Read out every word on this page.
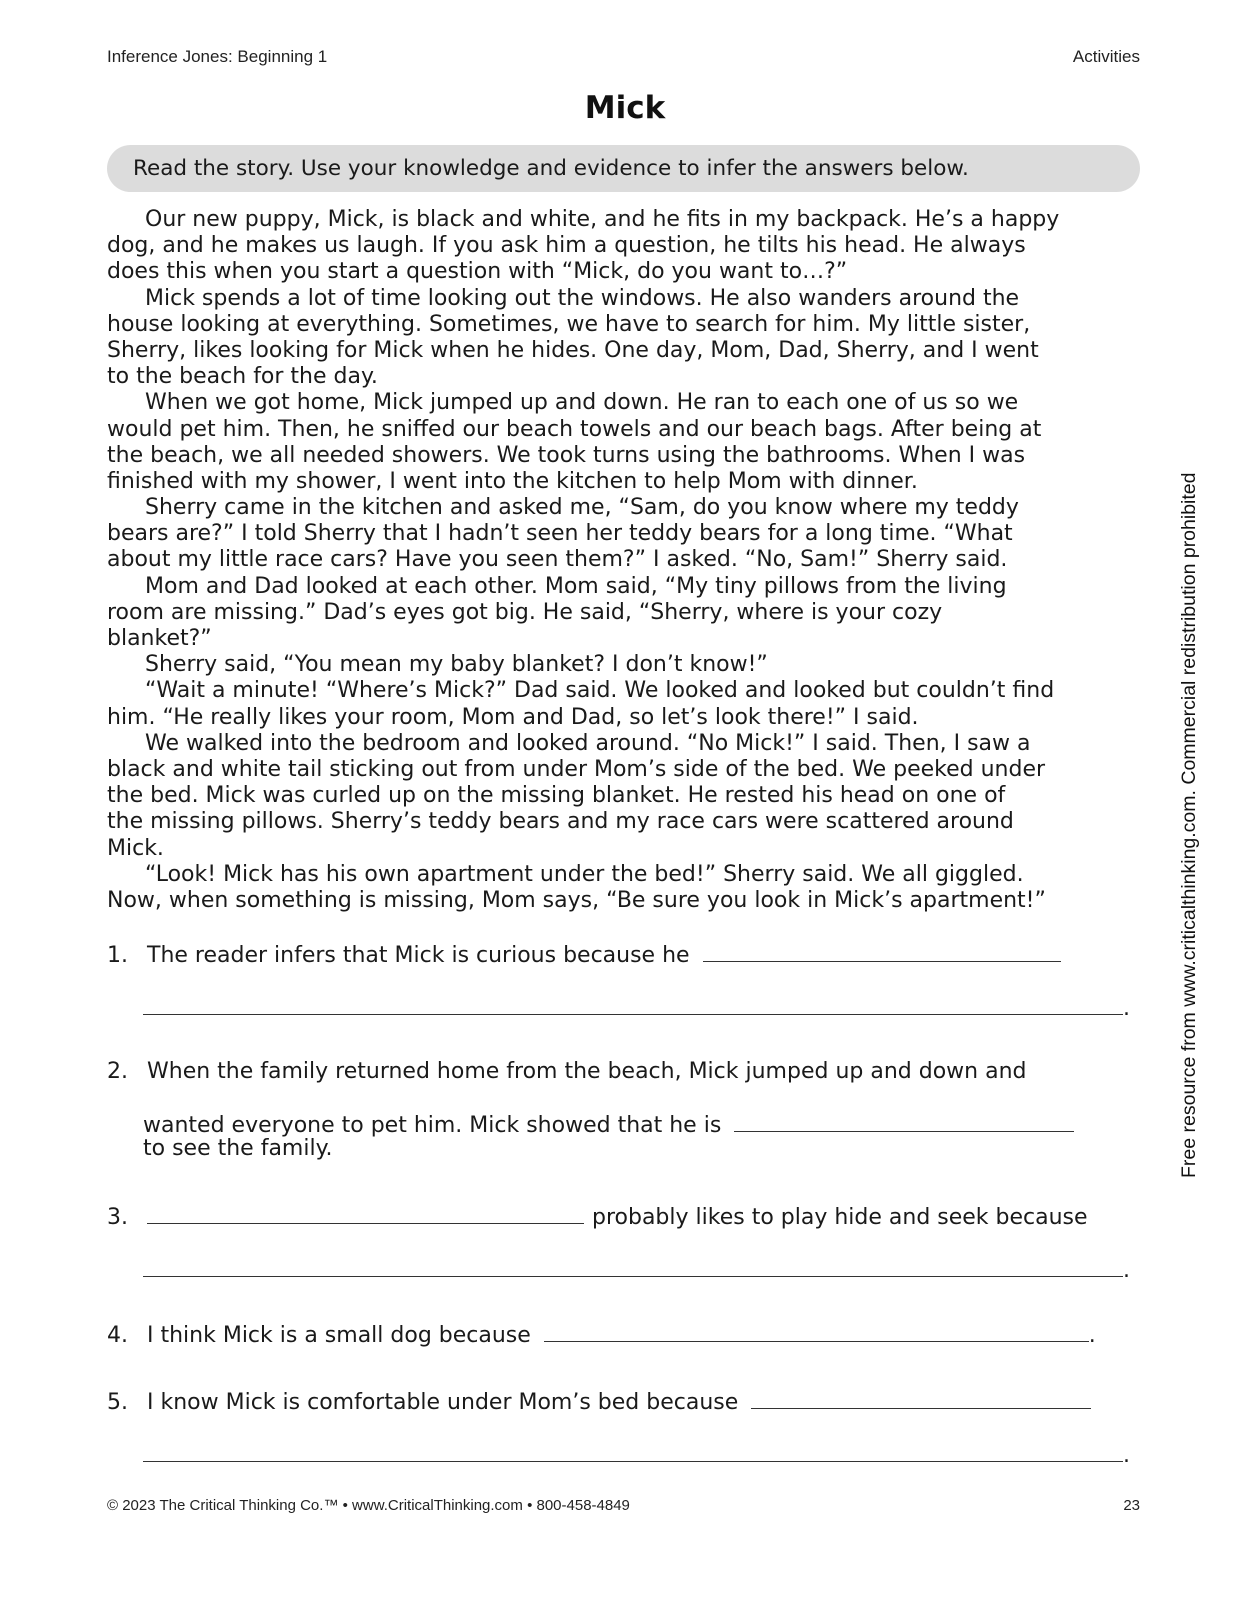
Inference Jones: Beginning 1	Activities
Mick
Read the story. Use your knowledge and evidence to infer the answers below.
Our new puppy, Mick, is black and white, and he fits in my backpack. He’s a happy
dog, and he makes us laugh. If you ask him a question, he tilts his head. He always
does this when you start a question with “Mick, do you want to…?”
Mick spends a lot of time looking out the windows. He also wanders around the
house looking at everything. Sometimes, we have to search for him. My little sister,
Sherry, likes looking for Mick when he hides. One day, Mom, Dad, Sherry, and I went
to the beach for the day.
When we got home, Mick jumped up and down. He ran to each one of us so we
would pet him. Then, he sniffed our beach towels and our beach bags. After being at
the beach, we all needed showers. We took turns using the bathrooms. When I was
finished with my shower, I went into the kitchen to help Mom with dinner.
Sherry came in the kitchen and asked me, “Sam, do you know where my teddy
bears are?” I told Sherry that I hadn’t seen her teddy bears for a long time. “What
about my little race cars? Have you seen them?” I asked. “No, Sam!” Sherry said.
Mom and Dad looked at each other. Mom said, “My tiny pillows from the living
room are missing.” Dad’s eyes got big. He said, “Sherry, where is your cozy
blanket?”
Sherry said, “You mean my baby blanket? I don’t know!”
“Wait a minute! “Where’s Mick?” Dad said. We looked and looked but couldn’t find
him. “He really likes your room, Mom and Dad, so let’s look there!” I said.
We walked into the bedroom and looked around. “No Mick!” I said. Then, I saw a
black and white tail sticking out from under Mom’s side of the bed. We peeked under
the bed. Mick was curled up on the missing blanket. He rested his head on one of
the missing pillows. Sherry’s teddy bears and my race cars were scattered around
Mick.
“Look! Mick has his own apartment under the bed!” Sherry said. We all giggled.
Now, when something is missing, Mom says, “Be sure you look in Mick’s apartment!”
1. The reader infers that Mick is curious because he
.
2. When the family returned home from the beach, Mick jumped up and down and
wanted everyone to pet him. Mick showed that he is
to see the family.
3.	probably likes to play hide and seek because
.
4. I think Mick is a small dog because	.
5. I know Mick is comfortable under Mom’s bed because
.
Free resource from www.criticalthinking.com. Commercial redistribution prohibited
© 2023 The Critical Thinking Co.™ • www.CriticalThinking.com • 800-458-4849	23
